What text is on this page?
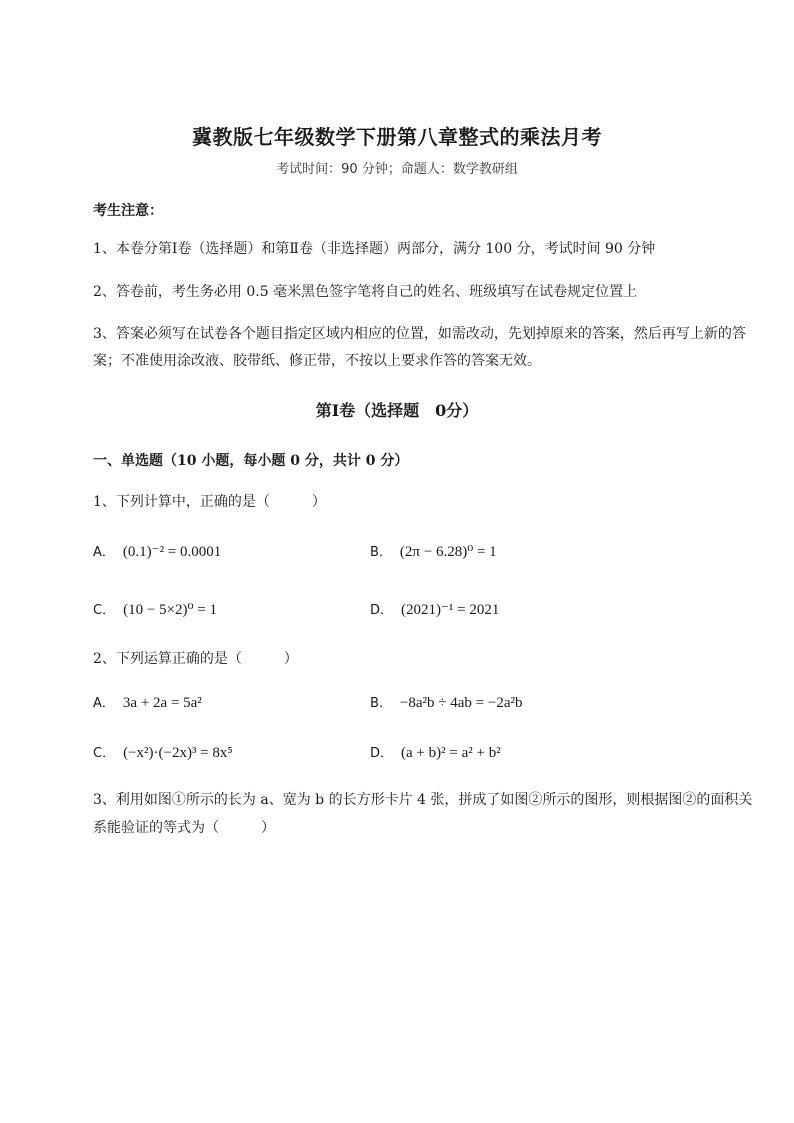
冀教版七年级数学下册第八章整式的乘法月考
考试时间：90 分钟；命题人：数学教研组
考生注意：
1、本卷分第Ⅰ卷（选择题）和第Ⅱ卷（非选择题）两部分，满分 100 分，考试时间 90 分钟
2、答卷前，考生务必用 0.5 毫米黑色签字笔将自己的姓名、班级填写在试卷规定位置上
3、答案必须写在试卷各个题目指定区域内相应的位置，如需改动，先划掉原来的答案，然后再写上新的答案；不准使用涂改液、胶带纸、修正带，不按以上要求作答的答案无效。
第Ⅰ卷（选择题　0分）
一、单选题（10 小题，每小题 0 分，共计 0 分）
1、下列计算中，正确的是（　　　）
A． (0.1)⁻² = 0.0001	B． (2π − 6.28)⁰ = 1
C． (10 − 5×2)⁰ = 1	D． (2021)⁻¹ = 2021
2、下列运算正确的是（　　　）
A． 3a + 2a = 5a²	B． −8a²b ÷ 4ab = −2a²b
C． (−x²)·(−2x)³ = 8x⁵	D． (a + b)² = a² + b²
3、利用如图①所示的长为 a、宽为 b 的长方形卡片 4 张，拼成了如图②所示的图形，则根据图②的面积关系能验证的等式为（　　　）
